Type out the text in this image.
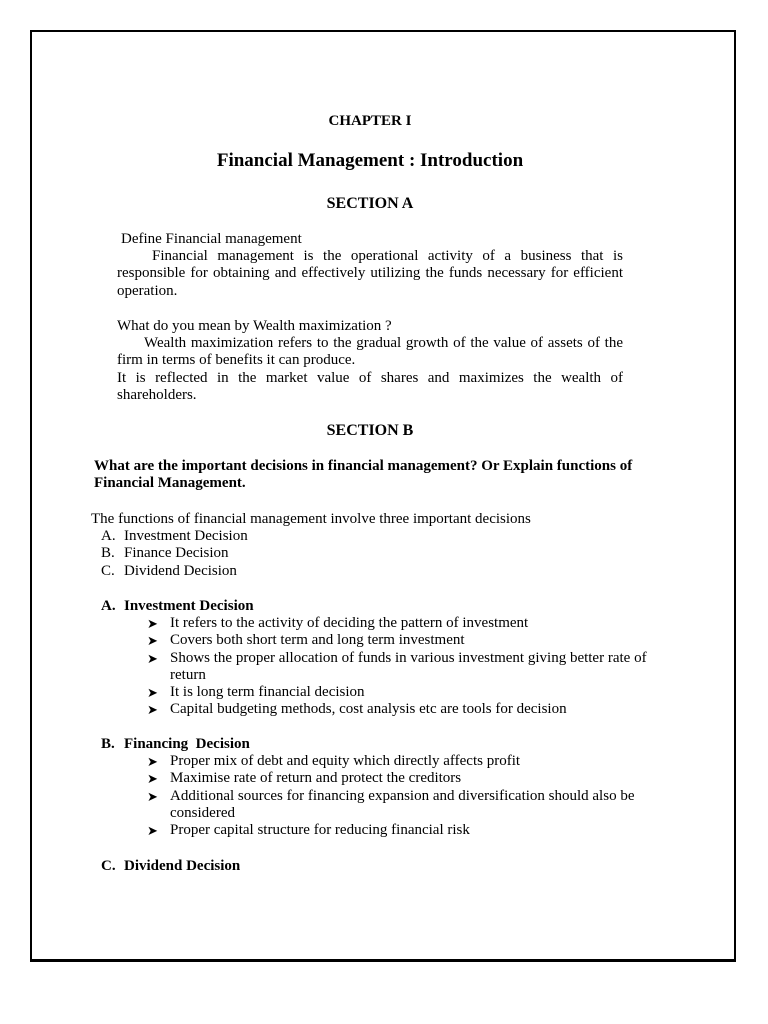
CHAPTER I
Financial Management : Introduction
SECTION A
Define Financial management
Financial management is the operational activity of a business that is responsible for obtaining and effectively utilizing the funds necessary for efficient operation.
What do you mean by Wealth maximization ?
Wealth maximization refers to the gradual growth of the value of assets of the firm in terms of benefits it can produce.
It is reflected in the market value of shares and maximizes the wealth of shareholders.
SECTION B
What are the important decisions in financial management? Or Explain functions of Financial Management.
The functions of financial management involve three important decisions
A. Investment Decision
B. Finance Decision
C. Dividend Decision
A. Investment Decision
➤ It refers to the activity of deciding the pattern of investment
➤ Covers both short term and long term investment
➤ Shows the proper allocation of funds in various investment giving better rate of return
➤ It is long term financial decision
➤ Capital budgeting methods, cost analysis etc are tools for decision
B. Financing  Decision
➤ Proper mix of debt and equity which directly affects profit
➤ Maximise rate of return and protect the creditors
➤ Additional sources for financing expansion and diversification should also be considered
➤ Proper capital structure for reducing financial risk
C. Dividend Decision
